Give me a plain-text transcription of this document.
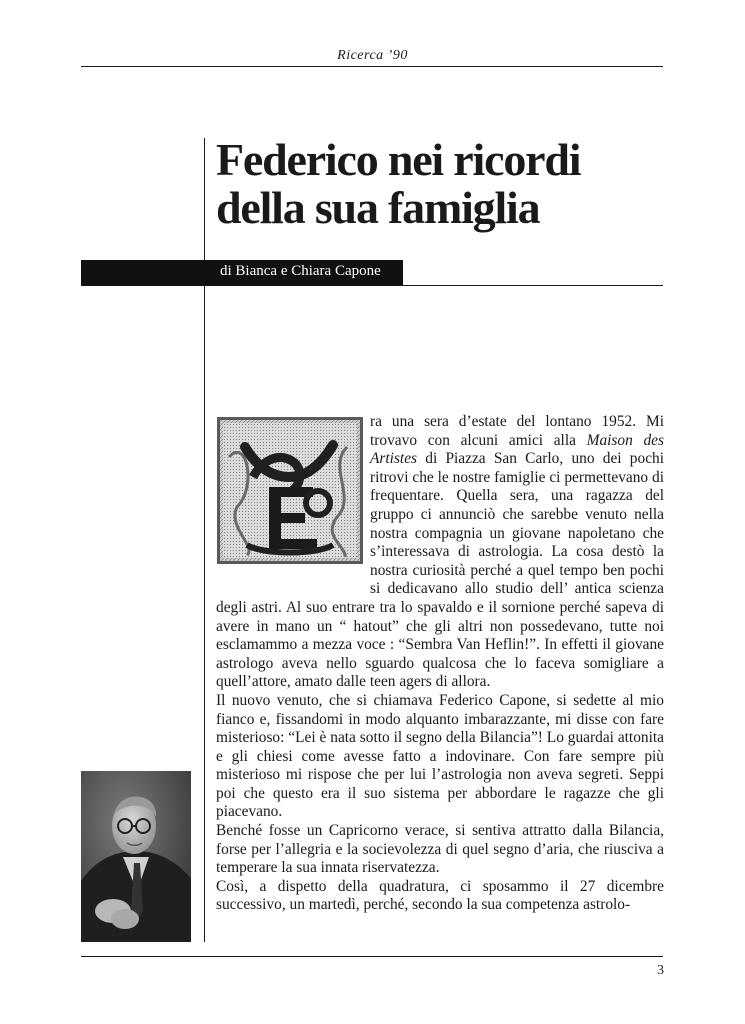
Ricerca ’90
Federico nei ricordi
della sua famiglia
di Bianca e Chiara Capone

ra una sera d’estate del lontano 1952. Mi trovavo con alcuni amici alla Maison des Artistes di Piazza San Carlo, uno dei pochi ritrovi che le nostre famiglie ci permettevano di frequentare. Quella sera, una ragazza del gruppo ci annunciò che sarebbe venuto nella nostra compagnia un giovane napoletano che s’interessava di astrologia. La cosa destò la nostra curiosità perché a quel tempo ben pochi si dedicavano allo studio dell’ antica scienza degli astri. Al suo entrare tra lo spavaldo e il sornione perché sapeva di avere in mano un “ hatout” che gli altri non possedevano, tutte noi esclamammo a mezza voce : “Sembra Van Heflin!”. In effetti il giovane astrologo aveva nello sguardo qualcosa che lo faceva somigliare a quell’attore, amato dalle teen agers di allora.

Il nuovo venuto, che si chiamava Federico Capone, si sedette al mio fianco e, fissandomi in modo alquanto imbarazzante, mi disse con fare misterioso: “Lei è nata sotto il segno della Bilancia”! Lo guardai attonita e gli chiesi come avesse fatto a indovinare. Con fare sempre più misterioso mi rispose che per lui l’astrologia non aveva segreti. Seppi poi che questo era il suo sistema per abbordare le ragazze che gli piacevano.

Benché fosse un Capricorno verace, si sentiva attratto dalla Bilancia, forse per l’allegria e la socievolezza di quel segno d’aria, che riusciva a temperare la sua innata riservatezza.

Così, a dispetto della quadratura, ci sposammo il 27 dicembre successivo, un martedì, perché, secondo la sua competenza astrolo-

3
